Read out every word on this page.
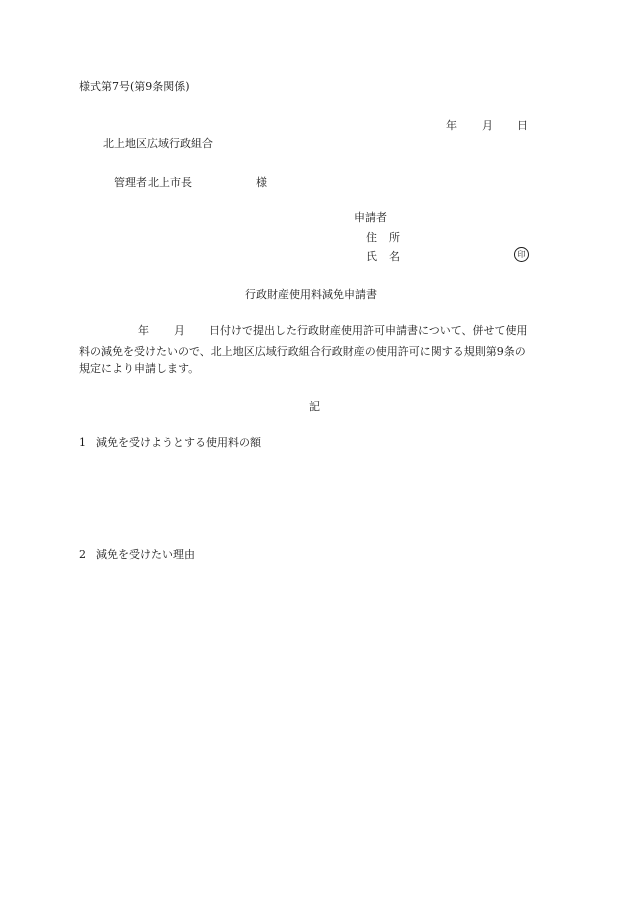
様式第7号(第9条関係)
年 月 日
北上地区広域行政組合
管理者 北上市長	様
申請者
住 所
氏 名	印
行政財産使用料減免申請書
年 月 日付けで提出した行政財産使用許可申請書について、併せて使用
料の減免を受けたいので、北上地区広域行政組合行政財産の使用許可に関する規則第9条の
規定により申請します。
記
1 減免を受けようとする使用料の額
2 減免を受けたい理由
